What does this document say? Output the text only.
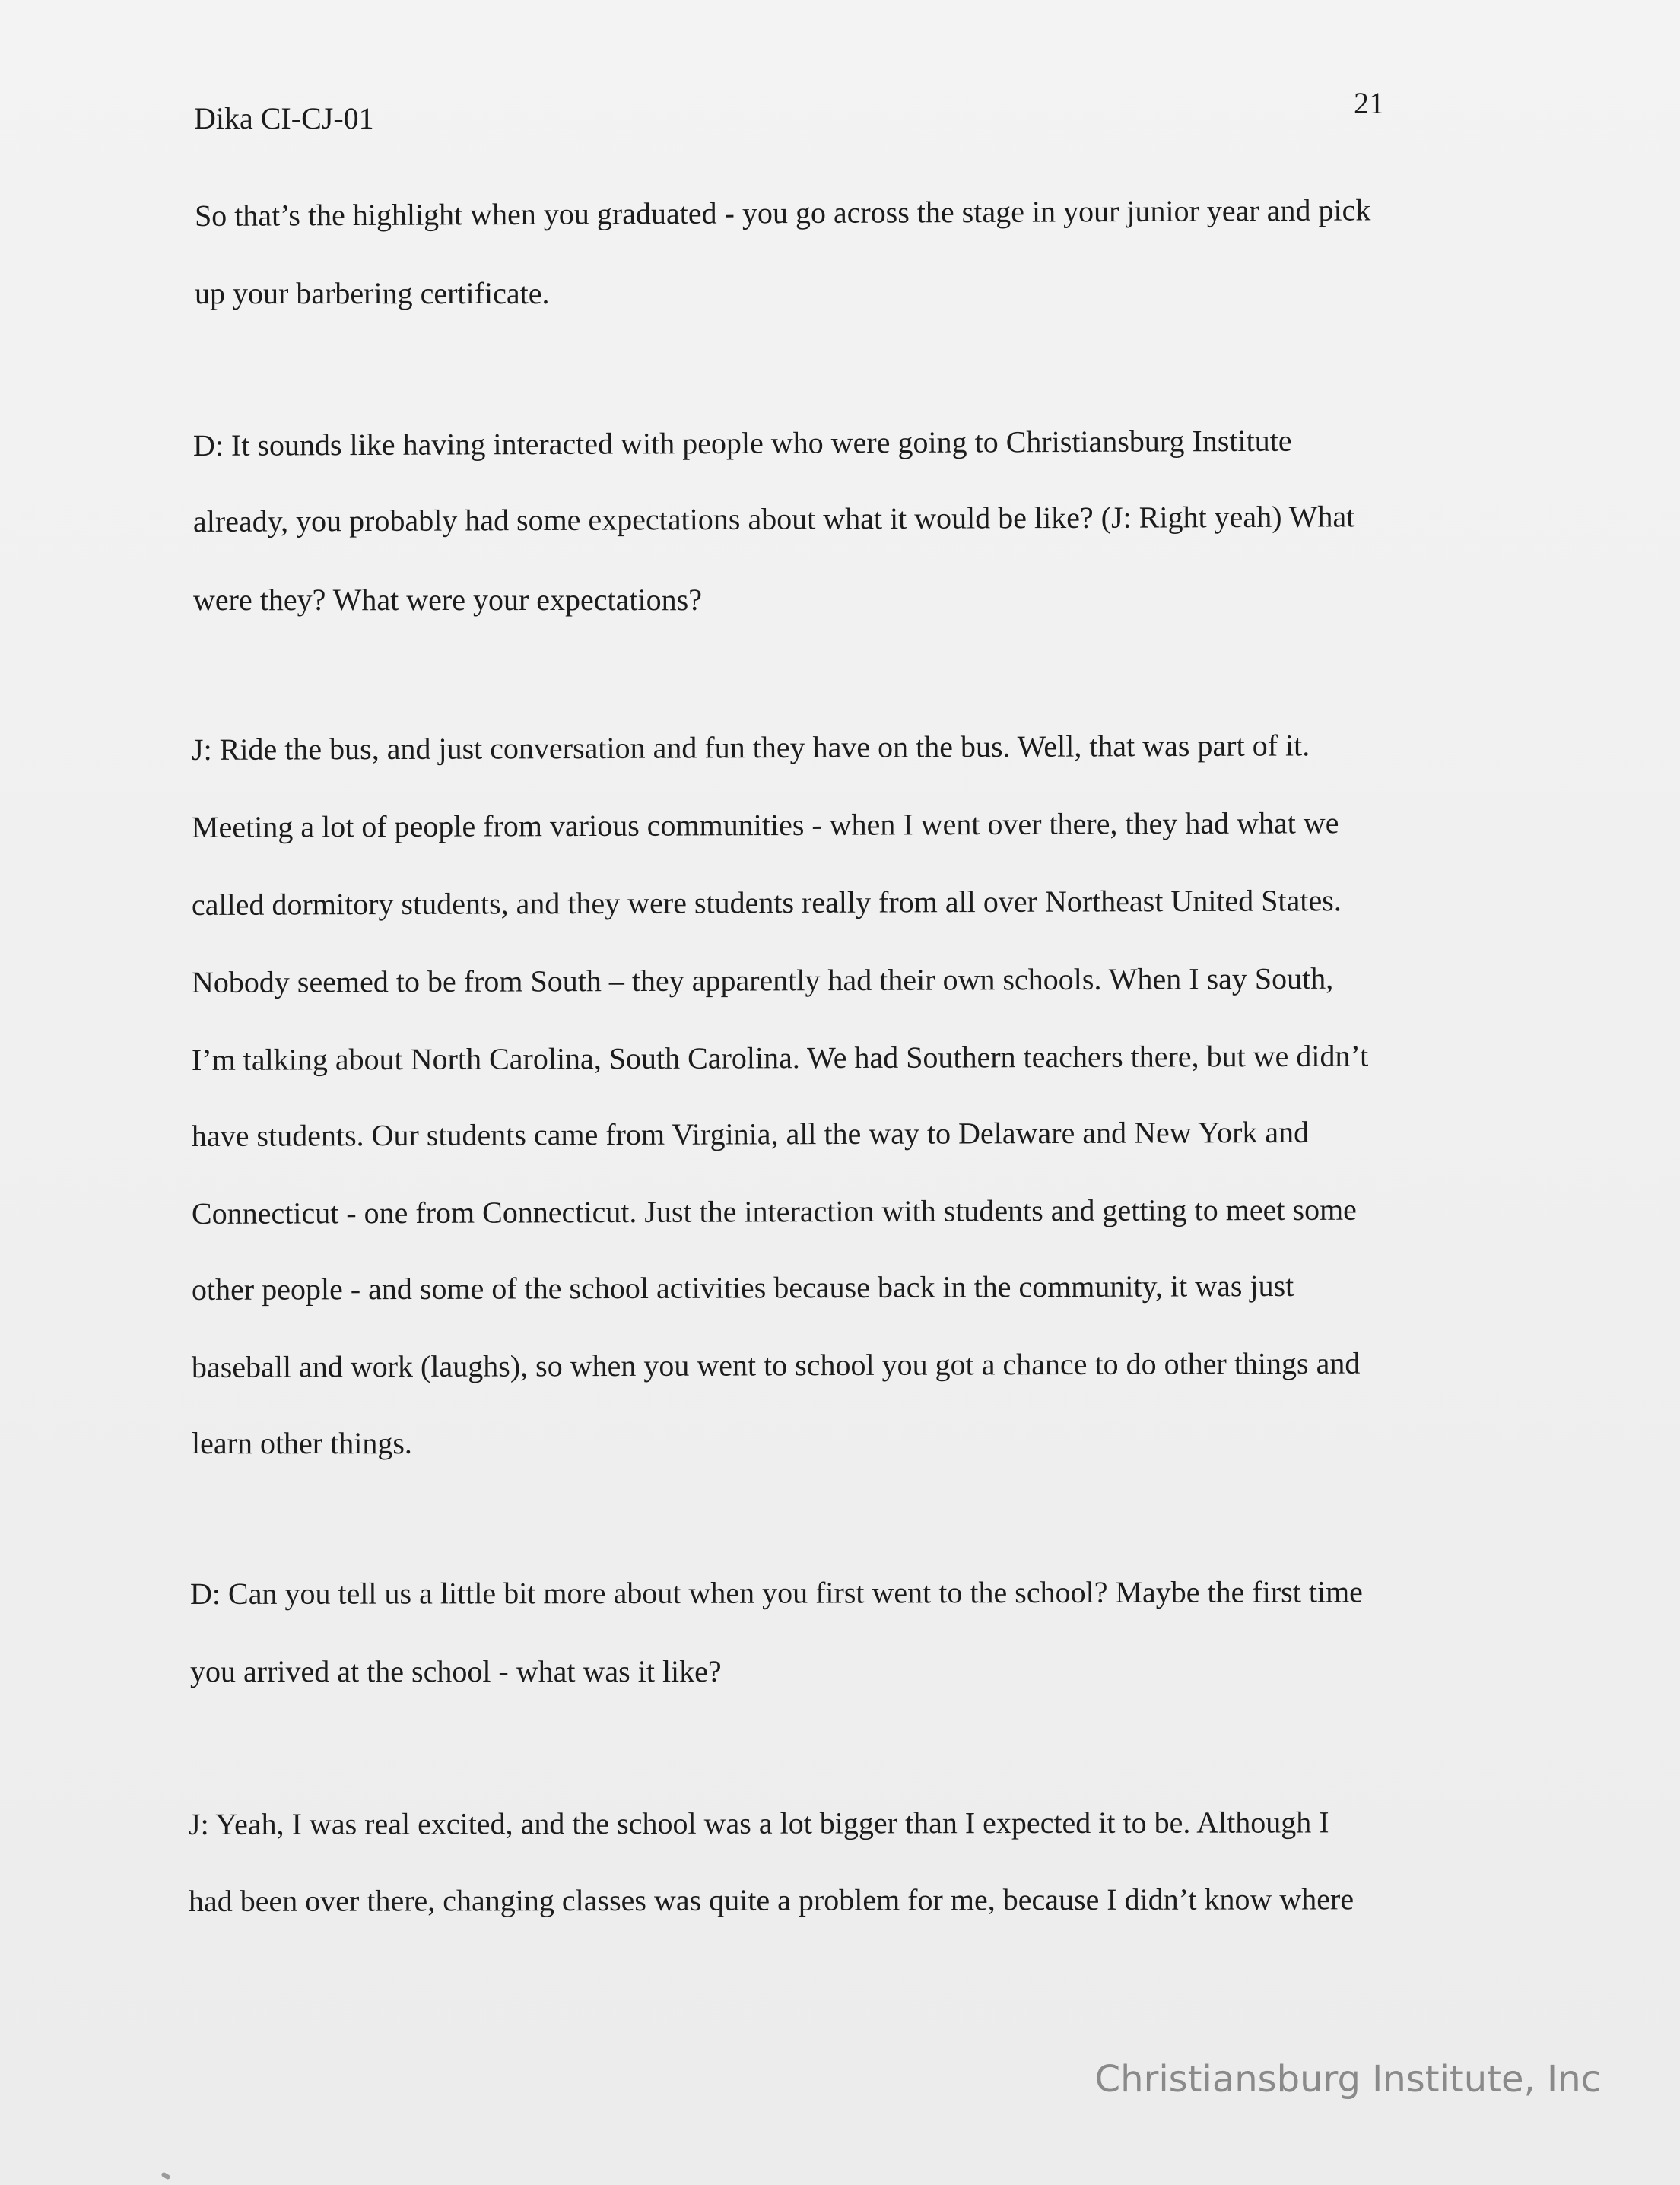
Dika CI-CJ-01	21
So that’s the highlight when you graduated - you go across the stage in your junior year and pick
up your barbering certificate.
D: It sounds like having interacted with people who were going to Christiansburg Institute
already, you probably had some expectations about what it would be like? (J: Right yeah) What
were they? What were your expectations?
J: Ride the bus, and just conversation and fun they have on the bus. Well, that was part of it.
Meeting a lot of people from various communities - when I went over there, they had what we
called dormitory students, and they were students really from all over Northeast United States.
Nobody seemed to be from South – they apparently had their own schools. When I say South,
I’m talking about North Carolina, South Carolina. We had Southern teachers there, but we didn’t
have students. Our students came from Virginia, all the way to Delaware and New York and
Connecticut - one from Connecticut. Just the interaction with students and getting to meet some
other people - and some of the school activities because back in the community, it was just
baseball and work (laughs), so when you went to school you got a chance to do other things and
learn other things.
D: Can you tell us a little bit more about when you first went to the school? Maybe the first time
you arrived at the school - what was it like?
J: Yeah, I was real excited, and the school was a lot bigger than I expected it to be. Although I
had been over there, changing classes was quite a problem for me, because I didn’t know where
Christiansburg Institute, Inc
